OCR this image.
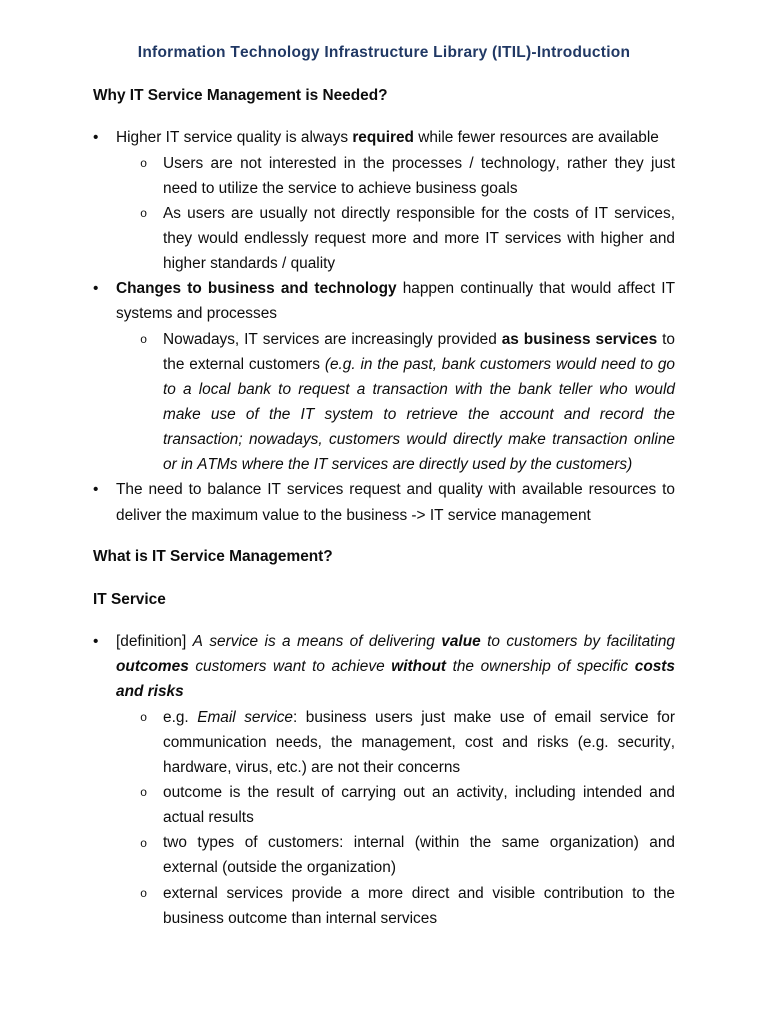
Information Technology Infrastructure Library (ITIL)-Introduction
Why IT Service Management is Needed?
• Higher IT service quality is always required while fewer resources are available
o Users are not interested in the processes / technology, rather they just
need to utilize the service to achieve business goals
o As users are usually not directly responsible for the costs of IT services,
they would endlessly request more and more IT services with higher and
higher standards / quality
• Changes to business and technology happen continually that would affect IT
systems and processes
o Nowadays, IT services are increasingly provided as business services to
the external customers (e.g. in the past, bank customers would need to go
to a local bank to request a transaction with the bank teller who would
make use of the IT system to retrieve the account and record the
transaction; nowadays, customers would directly make transaction online
or in ATMs where the IT services are directly used by the customers)
• The need to balance IT services request and quality with available resources to
deliver the maximum value to the business -> IT service management
What is IT Service Management?
IT Service
• [definition] A service is a means of delivering value to customers by facilitating
outcomes customers want to achieve without the ownership of specific costs
and risks
o e.g. Email service: business users just make use of email service for
communication needs, the management, cost and risks (e.g. security,
hardware, virus, etc.) are not their concerns
o outcome is the result of carrying out an activity, including intended and
actual results
o two types of customers: internal (within the same organization) and
external (outside the organization)
o external services provide a more direct and visible contribution to the
business outcome than internal services
